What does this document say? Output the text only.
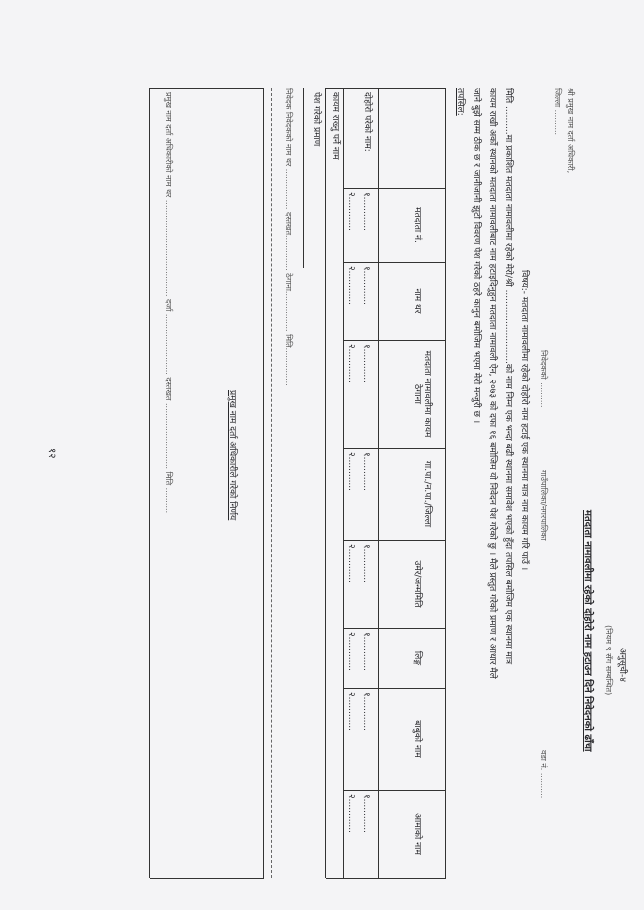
अनुसूची-४
(नियम ९ सँग सम्बन्धित)
मतदाता नामावलीमा रहेको दोहोरो नाम हटाउन दिने निवेदनको ढाँचा
श्री प्रमुख नाम दर्ता अधिकारी,
जिल्ला ..........
निवेदकको ..........
गाउँपालिका/नगरपालिका
वडा नं. ..........
विषय:- मतदाता नामावलीमा रहेको दोहोरो नाम हटाई एक स्थानमा मात्र नाम कायम गरि पाउँ ।
मिति ..........मा प्रकाशित मतदाता नामावलीमा रहेको मेरो/श्री ..........................को नाम निम्न एक भन्दा बढी स्थानमा समावेश भएको हुँदा तपसिल बमोजिम एक स्थानमा मात्र
कायम राखी अर्को स्थानको मतदाता नामावलीबाट नाम हटाइदिनुहुन मतदाता नामावली ऐन, २०७३ को दफा १६ बमोजिम यो निवेदन पेश गरेको छु । मैले प्रस्तुत गरेको प्रमाण र आधार मैले
जाने बुझे सम्म ठीक छ र जानीजानी झुटो विवरण पेश गरेको ठहरे कानुन बमोजिम भएमा मेरो मन्जुरी छ ।
तपसिल:
मतदाता नं.
नाम थर
मतदाता नामावलीमा कायम ठेगाना
गा.पा./न.पा./जिल्ला
उमेर/जन्ममिति
लिङ्ग
बाबुको नाम
आमाको नाम
दोहोरो परेको नाम:
१............
२............
१............
२............
१............
२............
१............
२............
१............
२............
१............
२............
१............
२............
१............
२............
कायम राख्नु पर्ने नाम
पेश गरेको प्रमाण
निवेदक निवेदकको नाम थर ................ दस्तखत.............. ठेगाना................ मिति...............
प्रमुख नाम दर्ता अधिकारीले गरेको निर्णय
प्रमुख नाम दर्ता अधिकारीको नाम थर ...................................... दर्जा ........................ दस्तखत .......................... मिति ..........
१२
